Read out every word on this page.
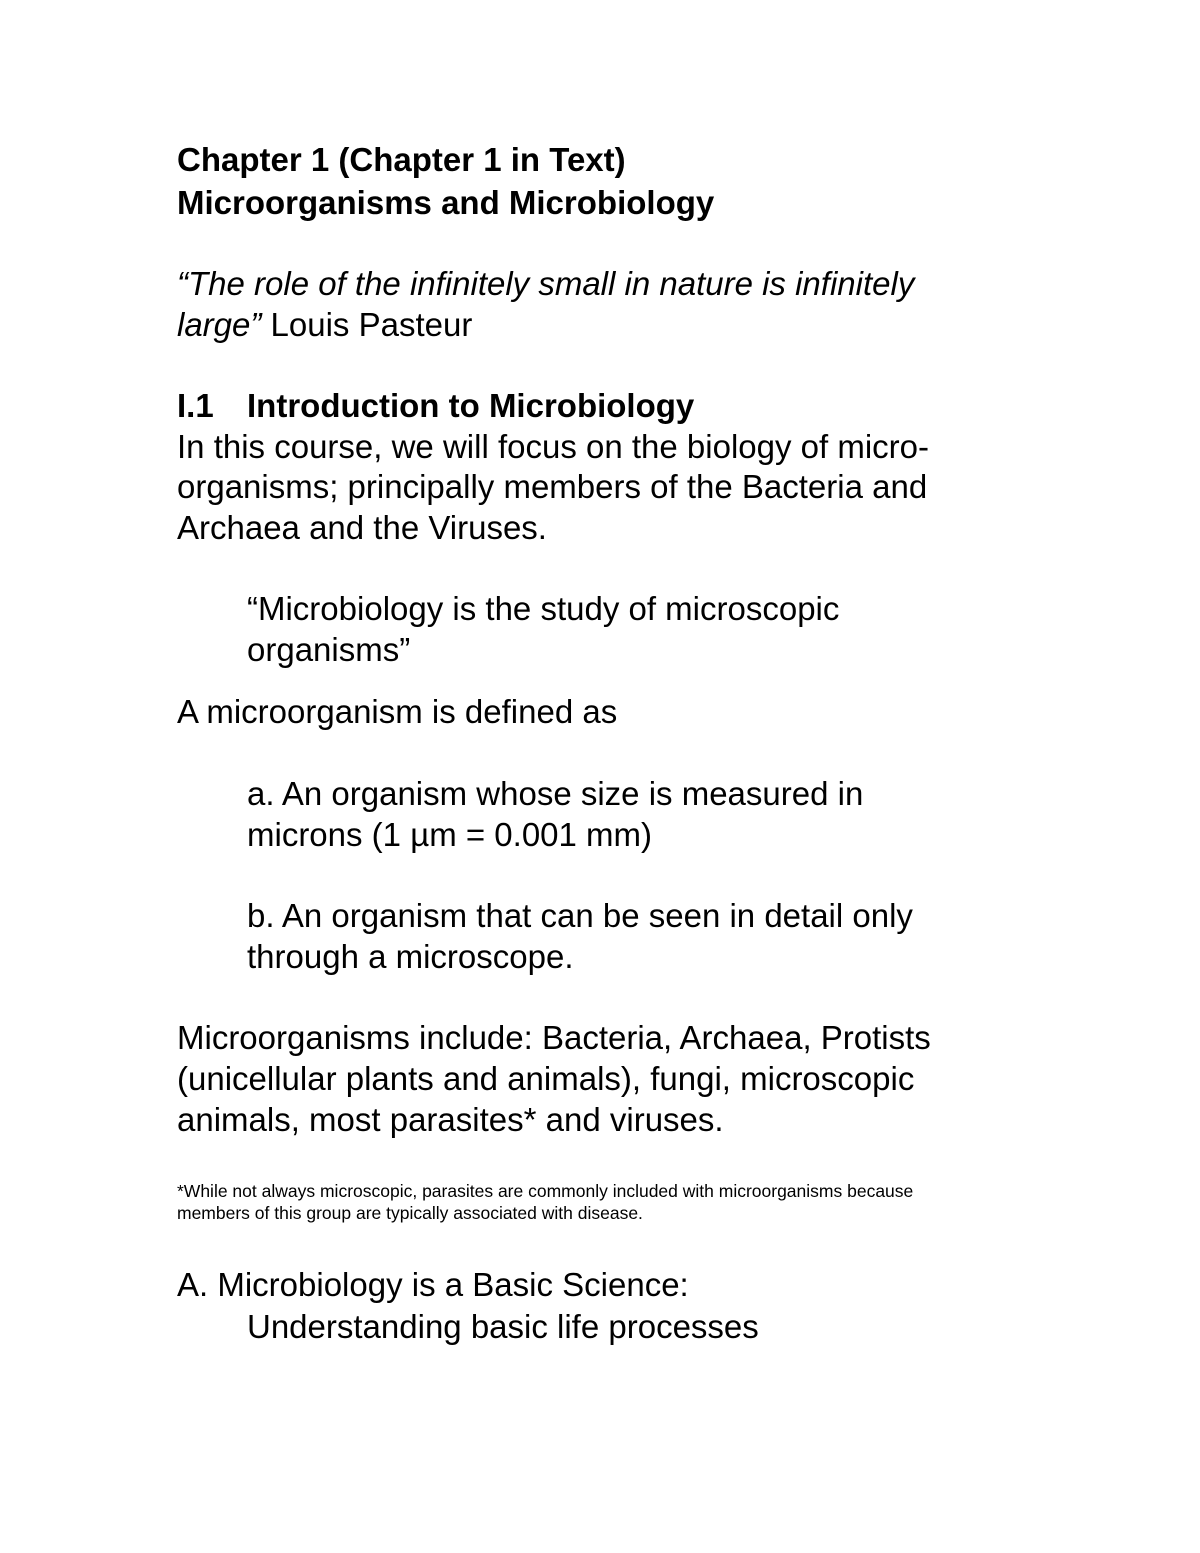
Chapter 1 (Chapter 1 in Text)
Microorganisms and Microbiology
“The role of the infinitely small in nature is infinitely
large” Louis Pasteur
I.1 Introduction to Microbiology
In this course, we will focus on the biology of micro-
organisms; principally members of the Bacteria and
Archaea and the Viruses.
“Microbiology is the study of microscopic
organisms”
A microorganism is defined as
a. An organism whose size is measured in
microns (1 µm = 0.001 mm)
b. An organism that can be seen in detail only
through a microscope.
Microorganisms include: Bacteria, Archaea, Protists
(unicellular plants and animals), fungi, microscopic
animals, most parasites* and viruses.
*While not always microscopic, parasites are commonly included with microorganisms because
members of this group are typically associated with disease.
A. Microbiology is a Basic Science:
Understanding basic life processes
